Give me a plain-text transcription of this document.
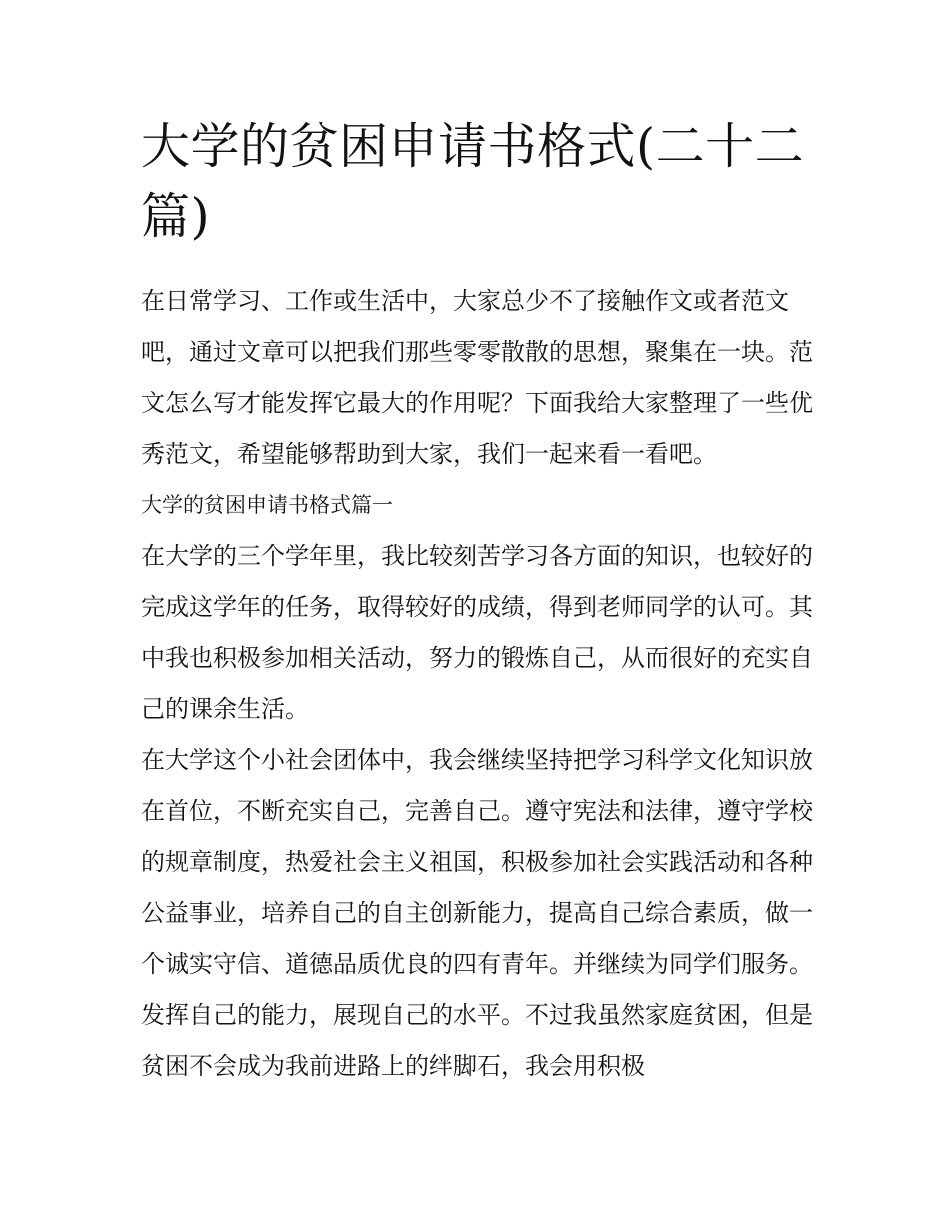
大学的贫困申请书格式(二十二篇)

在日常学习、工作或生活中，大家总少不了接触作文或者范文吧，通过文章可以把我们那些零零散散的思想，聚集在一块。范文怎么写才能发挥它最大的作用呢？下面我给大家整理了一些优秀范文，希望能够帮助到大家，我们一起来看一看吧。

大学的贫困申请书格式篇一

在大学的三个学年里，我比较刻苦学习各方面的知识，也较好的完成这学年的任务，取得较好的成绩，得到老师同学的认可。其中我也积极参加相关活动，努力的锻炼自己，从而很好的充实自己的课余生活。

在大学这个小社会团体中，我会继续坚持把学习科学文化知识放在首位，不断充实自己，完善自己。遵守宪法和法律，遵守学校的规章制度，热爱社会主义祖国，积极参加社会实践活动和各种公益事业，培养自己的自主创新能力，提高自己综合素质，做一个诚实守信、道德品质优良的四有青年。并继续为同学们服务。发挥自己的能力，展现自己的水平。不过我虽然家庭贫困，但是贫困不会成为我前进路上的绊脚石，我会用积极
